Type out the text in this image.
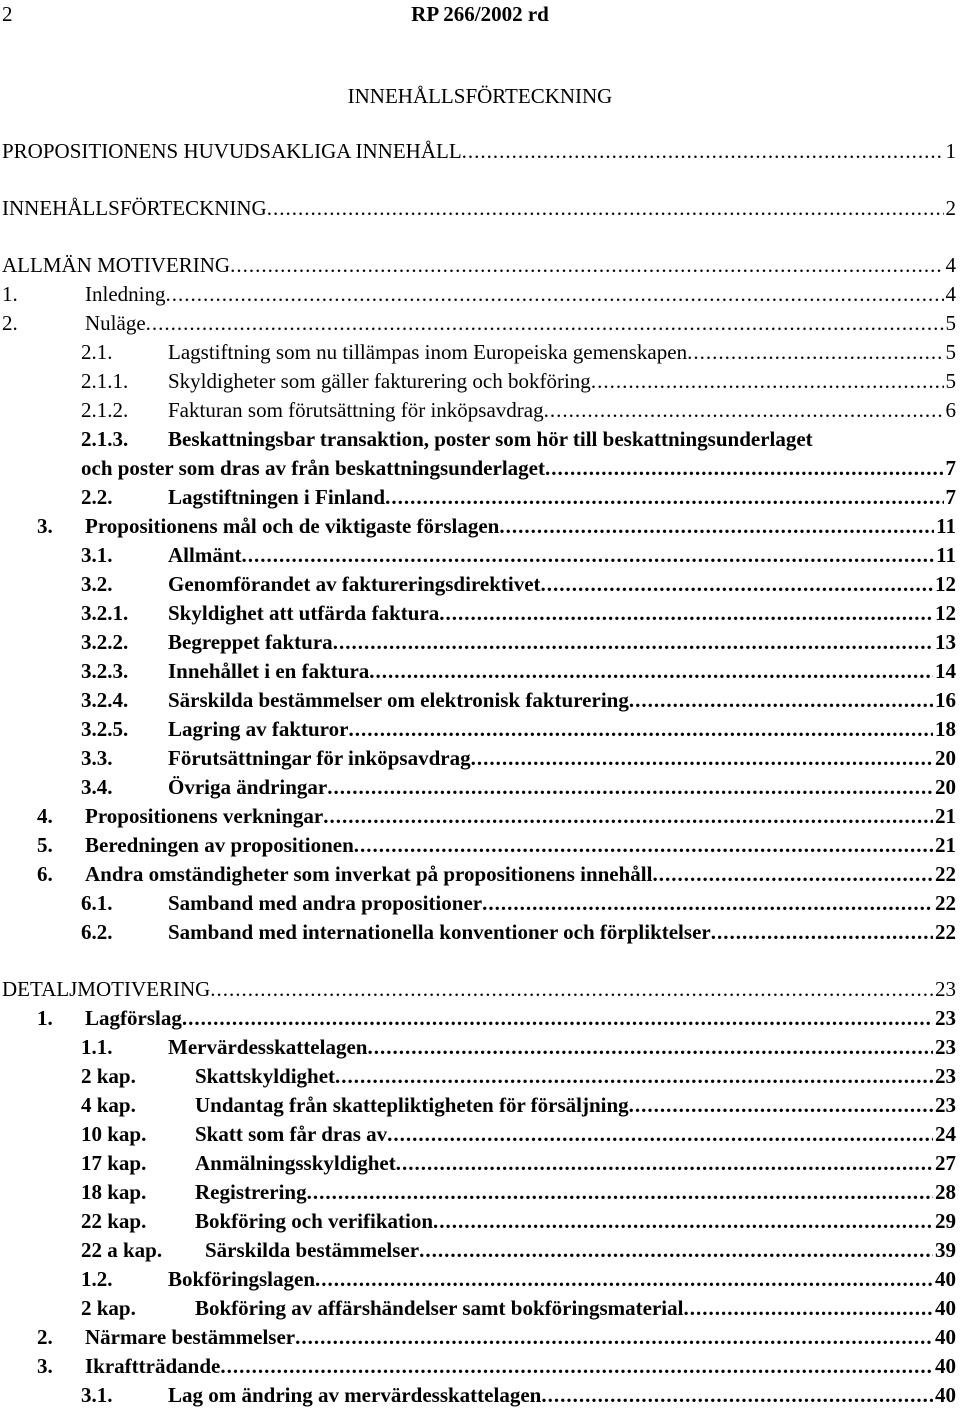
2	RP 266/2002 rd
INNEHÅLLSFÖRTECKNING
PROPOSITIONENS HUVUDSAKLIGA INNEHÅLL .....	1
INNEHÅLLSFÖRTECKNING .....	2
ALLMÄN MOTIVERING .....	4
1.	Inledning .....	4
2.	Nuläge .....	5
2.1.	Lagstiftning som nu tillämpas inom Europeiska gemenskapen .....	5
2.1.1. Skyldigheter som gäller fakturering och bokföring .....	5
2.1.2. Fakturan som förutsättning för inköpsavdrag .....	6
2.1.3. Beskattningsbar transaktion, poster som hör till beskattningsunderlaget
och poster som dras av från beskattningsunderlaget .....	7
2.2.	Lagstiftningen i Finland .....	7
3. Propositionens mål och de viktigaste förslagen .....	11
3.1.	Allmänt .....	11
3.2.	Genomförandet av faktureringsdirektivet .....	12
3.2.1. Skyldighet att utfärda faktura .....	12
3.2.2. Begreppet faktura .....	13
3.2.3. Innehållet i en faktura .....	14
3.2.4. Särskilda bestämmelser om elektronisk fakturering .....	16
3.2.5. Lagring av fakturor .....	18
3.3.	Förutsättningar för inköpsavdrag .....	20
3.4.	Övriga ändringar .....	20
4. Propositionens verkningar .....	21
5. Beredningen av propositionen .....	21
6. Andra omständigheter som inverkat på propositionens innehåll .....	22
6.1.	Samband med andra propositioner .....	22
6.2.	Samband med internationella konventioner och förpliktelser .....	22
DETALJMOTIVERING .....	23
1. Lagförslag .....	23
1.1.	Mervärdesskattelagen .....	23
2 kap.	Skattskyldighet .....	23
4 kap.	Undantag från skattepliktigheten för försäljning .....	23
10 kap. Skatt som får dras av .....	24
17 kap. Anmälningsskyldighet .....	27
18 kap. Registrering .....	28
22 kap. Bokföring och verifikation .....	29
22 a kap. Särskilda bestämmelser .....	39
1.2.	Bokföringslagen .....	40
2 kap.	Bokföring av affärshändelser samt bokföringsmaterial .....	40
2. Närmare bestämmelser .....	40
3. Ikraftträdande .....	40
3.1.	Lag om ändring av mervärdesskattelagen .....	40
